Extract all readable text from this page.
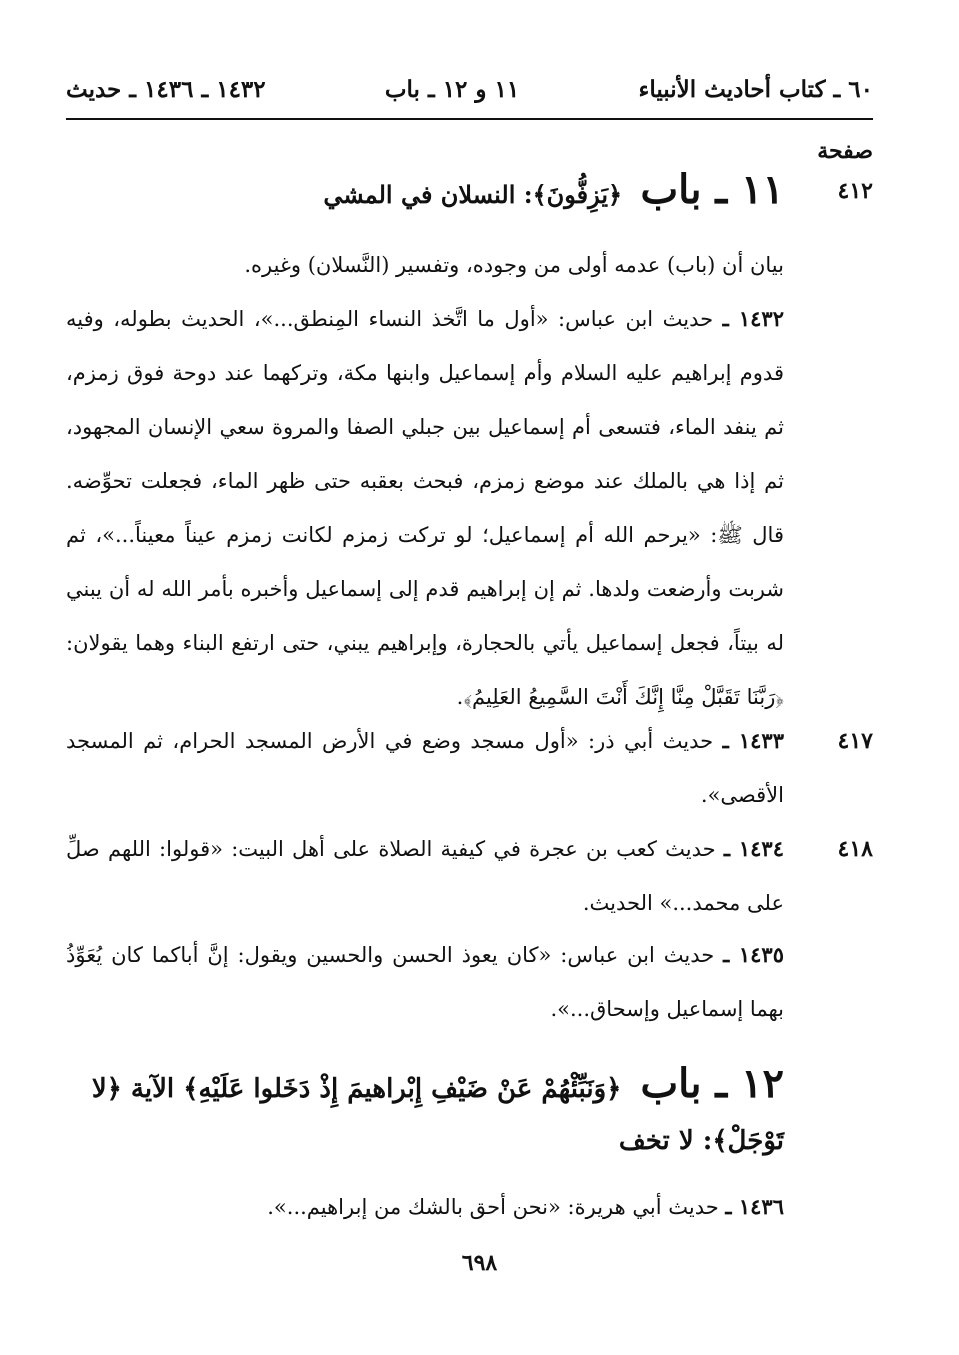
٦٠ ـ كتاب أحاديث الأنبياء
١١ و ١٢ ـ باب
١٤٣٢ ـ ١٤٣٦ ـ حديث
صفحة
٤١٢
١١ ـ باب ﴿يَزِفُّونَ﴾: النسلان في المشي
بيان أن (باب) عدمه أولى من وجوده، وتفسير (النَّسلان) وغيره.
١٤٣٢ ـ حديث ابن عباس: «أول ما اتَّخذ النساء المِنطق...»، الحديث بطوله، وفيه قدوم إبراهيم عليه السلام وأم إسماعيل وابنها مكة، وتركهما عند دوحة فوق زمزم، ثم ينفد الماء، فتسعى أم إسماعيل بين جبلي الصفا والمروة سعي الإنسان المجهود، ثم إذا هي بالملك عند موضع زمزم، فبحث بعقبه حتى ظهر الماء، فجعلت تحوِّضه. قال ﷺ: «يرحم الله أم إسماعيل؛ لو تركت زمزم لكانت زمزم عيناً معيناً...»، ثم شربت وأرضعت ولدها. ثم إن إبراهيم قدم إلى إسماعيل وأخبره بأمر الله له أن يبني له بيتاً، فجعل إسماعيل يأتي بالحجارة، وإبراهيم يبني، حتى ارتفع البناء وهما يقولان: ﴿رَبَّنَا تَقَبَّلْ مِنَّا إِنَّكَ أَنْتَ السَّمِيعُ العَلِيمُ﴾.
٤١٧
١٤٣٣ ـ حديث أبي ذر: «أول مسجد وضع في الأرض المسجد الحرام، ثم المسجد الأقصى».
٤١٨
١٤٣٤ ـ حديث كعب بن عجرة في كيفية الصلاة على أهل البيت: «قولوا: اللهم صلِّ على محمد...» الحديث.
١٤٣٥ ـ حديث ابن عباس: «كان يعوذ الحسن والحسين ويقول: إنَّ أباكما كان يُعَوِّذُ بهما إسماعيل وإسحاق...».
١٢ ـ باب ﴿وَنَبِّئْهُمْ عَنْ ضَيْفِ إِبْراهيمَ إِذْ دَخَلوا عَلَيْهِ﴾ الآية ﴿لا تَوْجَلْ﴾: لا تخف
١٤٣٦ ـ حديث أبي هريرة: «نحن أحق بالشك من إبراهيم...».
٦٩٨
